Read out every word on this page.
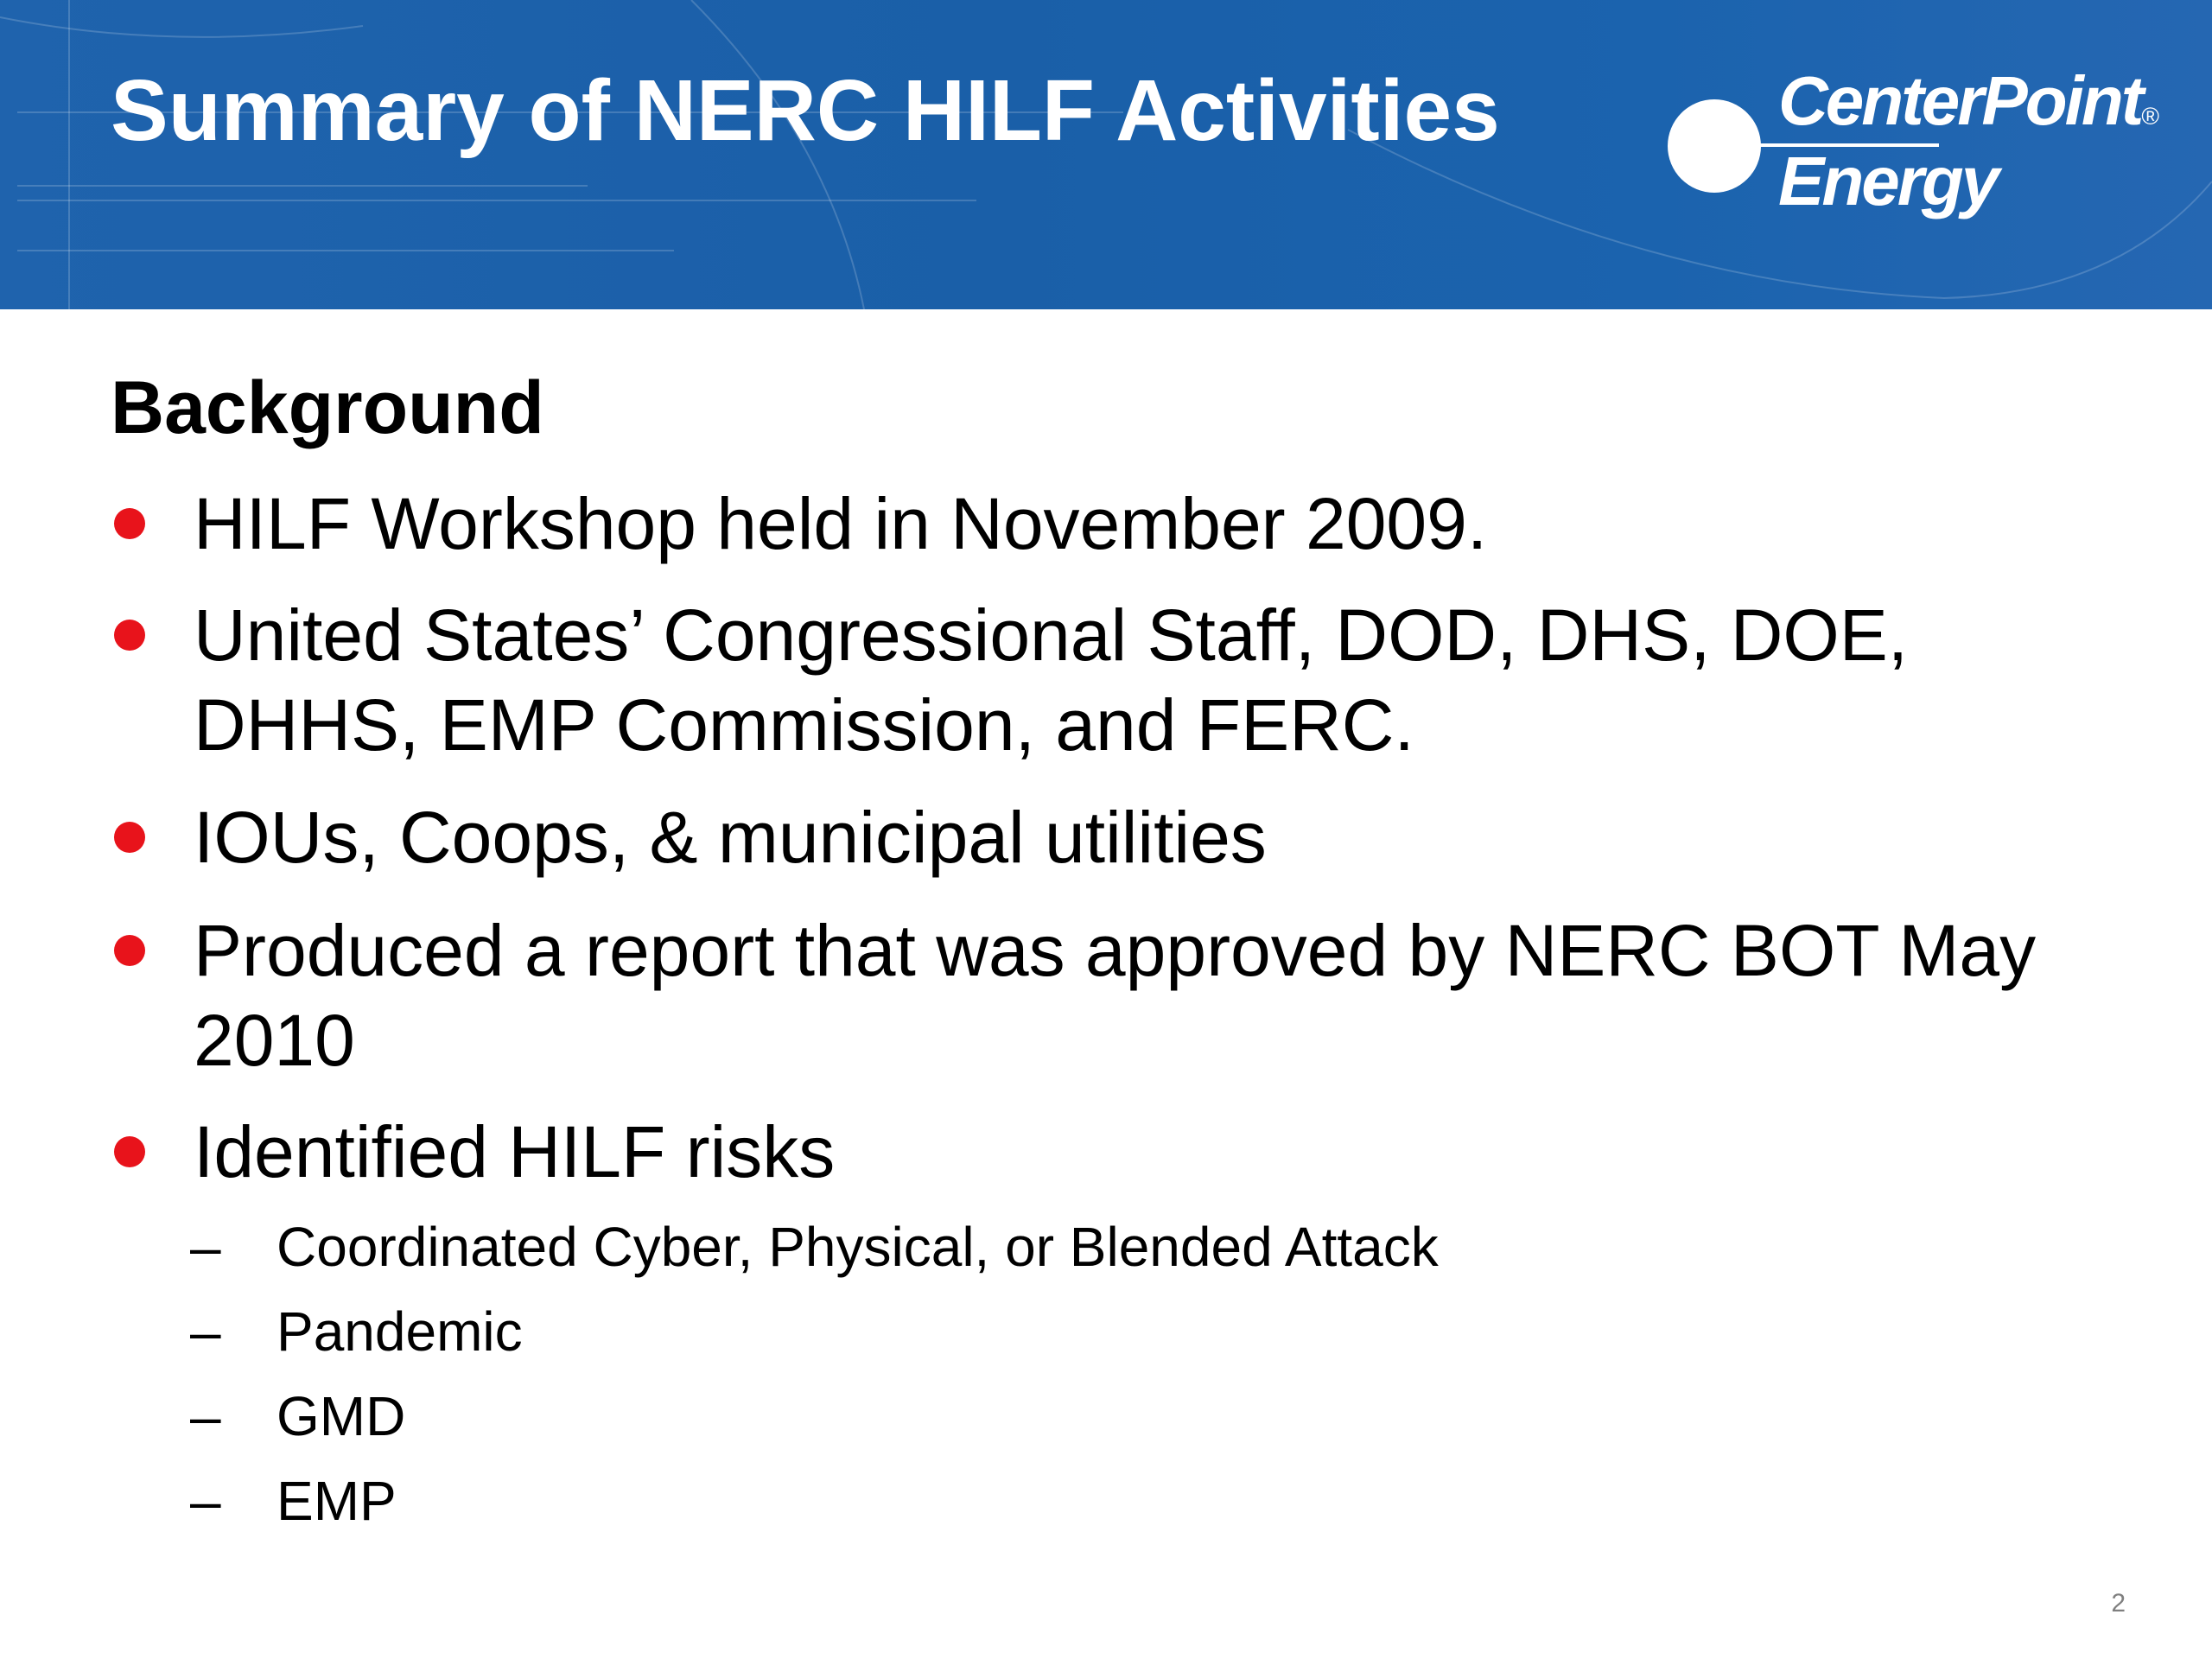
Summary of NERC HILF Activities	CenterPoint®
Energy
Background
HILF Workshop held in November 2009.
United States’ Congressional Staff, DOD, DHS, DOE, DHHS, EMP Commission, and FERC.
IOUs, Coops, & municipal utilities
Produced a report that was approved by NERC BOT May 2010
Identified HILF risks
– Coordinated Cyber, Physical, or Blended Attack
– Pandemic
– GMD
– EMP
2
